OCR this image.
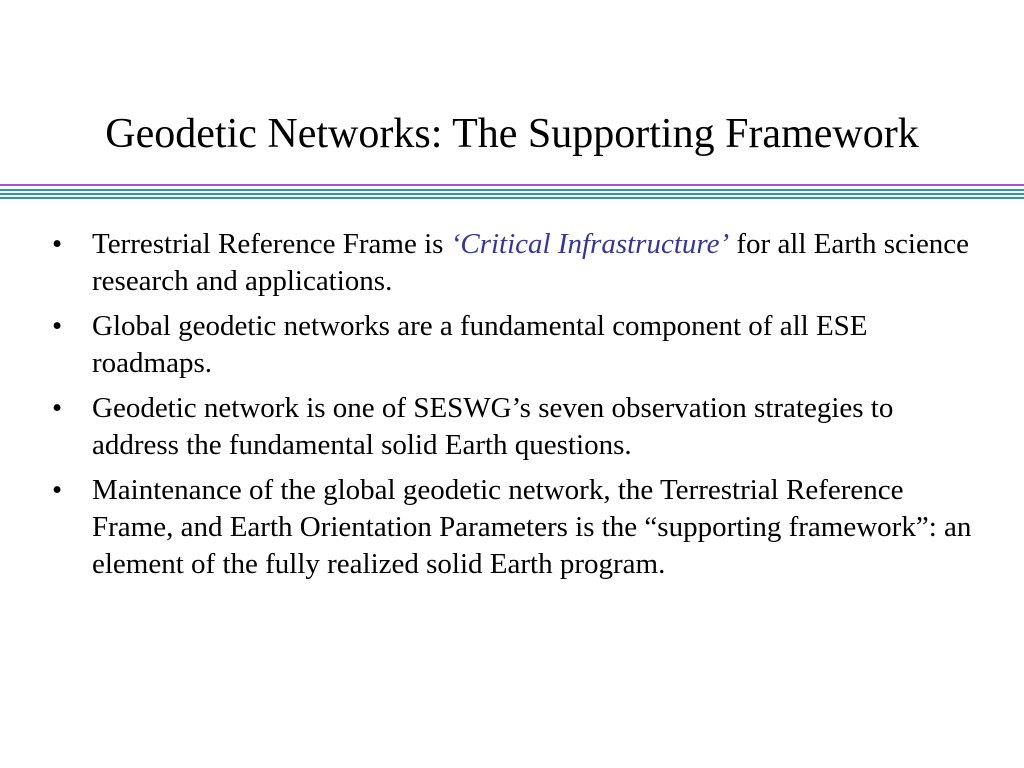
Geodetic Networks: The Supporting Framework
• Terrestrial Reference Frame is ‘Critical Infrastructure’ for all Earth science research and applications.
• Global geodetic networks are a fundamental component of all ESE roadmaps.
• Geodetic network is one of SESWG’s seven observation strategies to address the fundamental solid Earth questions.
• Maintenance of the global geodetic network, the Terrestrial Reference Frame, and Earth Orientation Parameters is the “supporting framework”: an element of the fully realized solid Earth program.
